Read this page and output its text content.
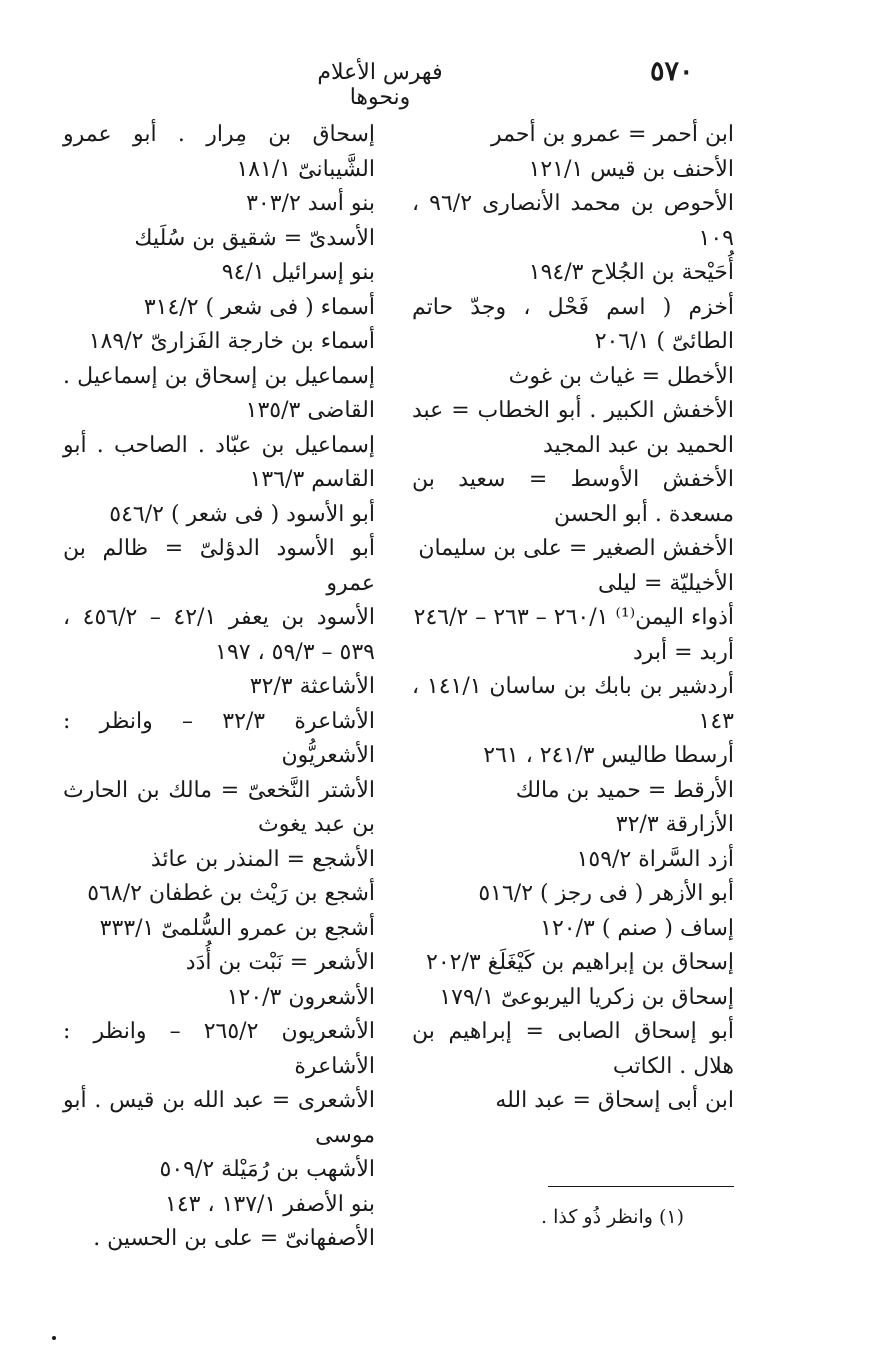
٥٧٠
فهرس الأعلام ونحوها

ابن أحمر = عمرو بن أحمر

الأحنف بن قيس ١٢١/١

الأحوص بن محمد الأنصارى ٩٦/٢ ، ١٠٩

أُحَيْحة بن الجُلاح ١٩٤/٣

أخزم ( اسم فَحْل ، وجدّ حاتم الطائىّ ) ٢٠٦/١

الأخطل = غياث بن غوث

الأخفش الكبير . أبو الخطاب = عبد الحميد بن عبد المجيد

الأخفش الأوسط = سعيد بن مسعدة . أبو الحسن

الأخفش الصغير = على بن سليمان

الأخيليّة = ليلى

أذواء اليمن⁽¹⁾ ٢٦٠/١ – ٢٦٣ – ٢٤٦/٢

أربد = أبرد

أردشير بن بابك بن ساسان ١٤١/١ ، ١٤٣

أرسطا طاليس ٢٤١/٣ ، ٢٦١

الأرقط = حميد بن مالك

الأزارقة ٣٢/٣

أزد السَّراة ١٥٩/٢

أبو الأزهر ( فى رجز ) ٥١٦/٢

إساف ( صنم ) ١٢٠/٣

إسحاق بن إبراهيم بن كَيْغَلَغ ٢٠٢/٣

إسحاق بن زكريا اليربوعىّ ١٧٩/١

أبو إسحاق الصابى = إبراهيم بن هلال . الكاتب

ابن أبى إسحاق = عبد الله

إسحاق بن مِرار . أبو عمرو الشَّيبانىّ ١٨١/١

بنو أسد ٣٠٣/٢

الأسدىّ = شقيق بن سُلَيك

بنو إسرائيل ٩٤/١

أسماء ( فى شعر ) ٣١٤/٢

أسماء بن خارجة الفَزارىّ ١٨٩/٢

إسماعيل بن إسحاق بن إسماعيل . القاضى ١٣٥/٣

إسماعيل بن عبّاد . الصاحب . أبو القاسم ١٣٦/٣

أبو الأسود ( فى شعر ) ٥٤٦/٢

أبو الأسود الدؤلىّ = ظالم بن عمرو

الأسود بن يعفر ٤٢/١ – ٤٥٦/٢ ، ٥٣٩ – ٥٩/٣ ، ١٩٧

الأشاعثة ٣٢/٣

الأشاعرة ٣٢/٣ – وانظر : الأشعريُّون

الأشتر النَّخعىّ = مالك بن الحارث بن عبد يغوث

الأشجع = المنذر بن عائذ

أشجع بن رَيْث بن غطفان ٥٦٨/٢

أشجع بن عمرو السُّلمىّ ٣٣٣/١

الأشعر = نَبْت بن أُدَد

الأشعرون ١٢٠/٣

الأشعريون ٢٦٥/٢ – وانظر : الأشاعرة

الأشعرى = عبد الله بن قيس . أبو موسى

الأشهب بن رُمَيْلة ٥٠٩/٢

بنو الأصفر ١٣٧/١ ، ١٤٣

الأصفهانىّ = على بن الحسين .

(١) وانظر ذُو كذا .
